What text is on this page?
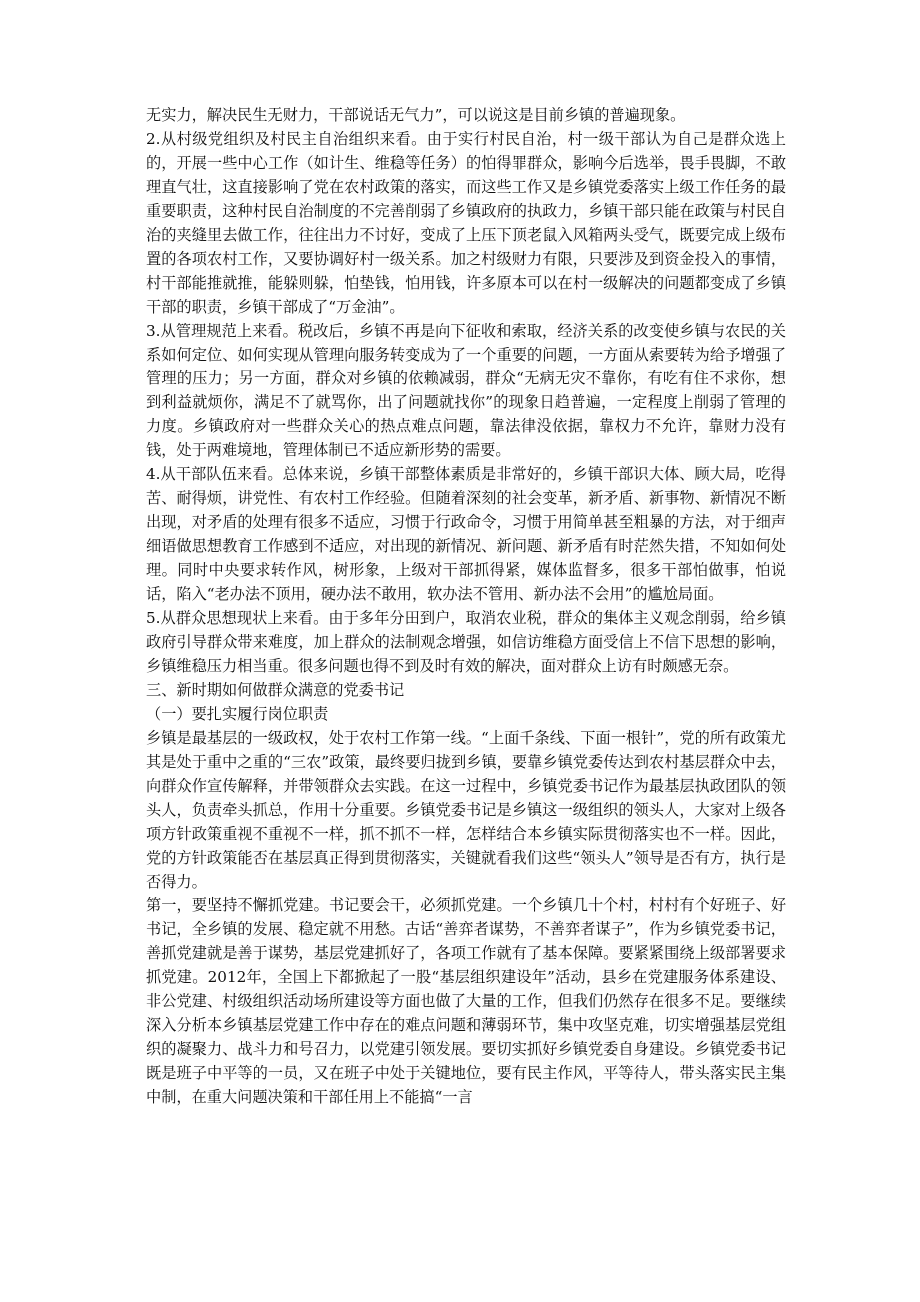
无实力，解决民生无财力，干部说话无气力”，可以说这是目前乡镇的普遍现象。

2.从村级党组织及村民主自治组织来看。由于实行村民自治，村一级干部认为自己是群众选上的，开展一些中心工作（如计生、维稳等任务）的怕得罪群众，影响今后选举，畏手畏脚，不敢理直气壮，这直接影响了党在农村政策的落实，而这些工作又是乡镇党委落实上级工作任务的最重要职责，这种村民自治制度的不完善削弱了乡镇政府的执政力，乡镇干部只能在政策与村民自治的夹缝里去做工作，往往出力不讨好，变成了上压下顶老鼠入风箱两头受气，既要完成上级布置的各项农村工作，又要协调好村一级关系。加之村级财力有限，只要涉及到资金投入的事情，村干部能推就推，能躲则躲，怕垫钱，怕用钱，许多原本可以在村一级解决的问题都变成了乡镇干部的职责，乡镇干部成了“万金油”。

3.从管理规范上来看。税改后，乡镇不再是向下征收和索取，经济关系的改变使乡镇与农民的关系如何定位、如何实现从管理向服务转变成为了一个重要的问题，一方面从索要转为给予增强了管理的压力；另一方面，群众对乡镇的依赖减弱，群众“无病无灾不靠你，有吃有住不求你，想到利益就烦你，满足不了就骂你，出了问题就找你”的现象日趋普遍，一定程度上削弱了管理的力度。乡镇政府对一些群众关心的热点难点问题，靠法律没依据，靠权力不允许，靠财力没有钱，处于两难境地，管理体制已不适应新形势的需要。

4.从干部队伍来看。总体来说，乡镇干部整体素质是非常好的，乡镇干部识大体、顾大局，吃得苦、耐得烦，讲党性、有农村工作经验。但随着深刻的社会变革，新矛盾、新事物、新情况不断出现，对矛盾的处理有很多不适应，习惯于行政命令，习惯于用简单甚至粗暴的方法，对于细声细语做思想教育工作感到不适应，对出现的新情况、新问题、新矛盾有时茫然失措，不知如何处理。同时中央要求转作风，树形象，上级对干部抓得紧，媒体监督多，很多干部怕做事，怕说话，陷入“老办法不顶用，硬办法不敢用，软办法不管用、新办法不会用”的尴尬局面。

5.从群众思想现状上来看。由于多年分田到户，取消农业税，群众的集体主义观念削弱，给乡镇政府引导群众带来难度，加上群众的法制观念增强，如信访维稳方面受信上不信下思想的影响，乡镇维稳压力相当重。很多问题也得不到及时有效的解决，面对群众上访有时颇感无奈。

三、新时期如何做群众满意的党委书记

（一）要扎实履行岗位职责

乡镇是最基层的一级政权，处于农村工作第一线。“上面千条线、下面一根针”，党的所有政策尤其是处于重中之重的“三农”政策，最终要归拢到乡镇，要靠乡镇党委传达到农村基层群众中去，向群众作宣传解释，并带领群众去实践。在这一过程中，乡镇党委书记作为最基层执政团队的领头人，负责牵头抓总，作用十分重要。乡镇党委书记是乡镇这一级组织的领头人，大家对上级各项方针政策重视不重视不一样，抓不抓不一样，怎样结合本乡镇实际贯彻落实也不一样。因此，党的方针政策能否在基层真正得到贯彻落实，关键就看我们这些“领头人”领导是否有方，执行是否得力。

第一，要坚持不懈抓党建。书记要会干，必须抓党建。一个乡镇几十个村，村村有个好班子、好书记，全乡镇的发展、稳定就不用愁。古话“善弈者谋势，不善弈者谋子”，作为乡镇党委书记，善抓党建就是善于谋势，基层党建抓好了，各项工作就有了基本保障。要紧紧围绕上级部署要求抓党建。2012年，全国上下都掀起了一股“基层组织建设年”活动，县乡在党建服务体系建设、非公党建、村级组织活动场所建设等方面也做了大量的工作，但我们仍然存在很多不足。要继续深入分析本乡镇基层党建工作中存在的难点问题和薄弱环节，集中攻坚克难，切实增强基层党组织的凝聚力、战斗力和号召力，以党建引领发展。要切实抓好乡镇党委自身建设。乡镇党委书记既是班子中平等的一员，又在班子中处于关键地位，要有民主作风，平等待人，带头落实民主集中制，在重大问题决策和干部任用上不能搞“一言
